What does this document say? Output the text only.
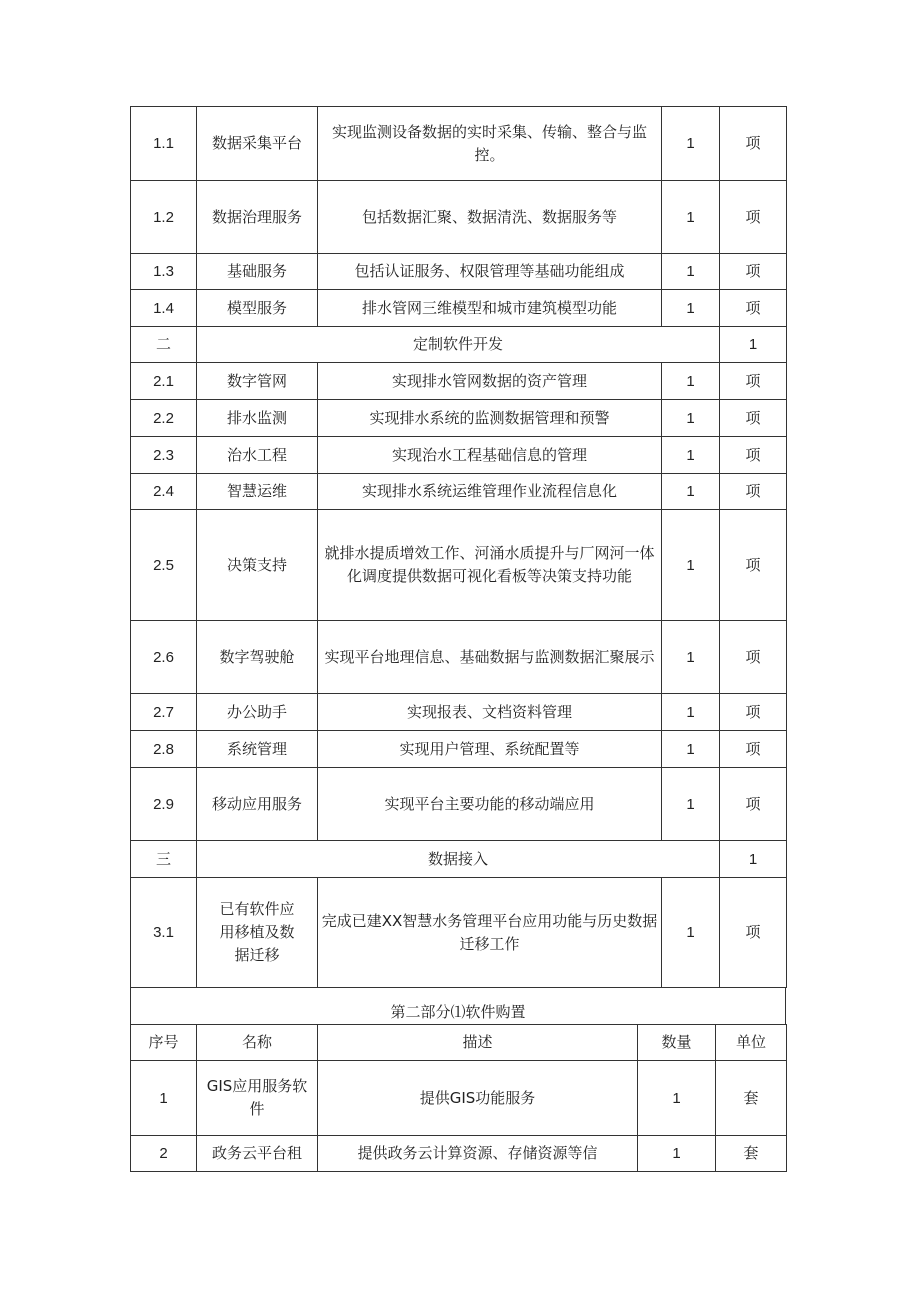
1.1	数据采集平台	实现监测设备数据的实时采集、传输、整合与监控。	1	项
1.2	数据治理服务	包括数据汇聚、数据清洗、数据服务等	1	项
1.3	基础服务	包括认证服务、权限管理等基础功能组成	1	项
1.4	模型服务	排水管网三维模型和城市建筑模型功能	1	项
二	定制软件开发			1
2.1	数字管网	实现排水管网数据的资产管理	1	项
2.2	排水监测	实现排水系统的监测数据管理和预警	1	项
2.3	治水工程	实现治水工程基础信息的管理	1	项
2.4	智慧运维	实现排水系统运维管理作业流程信息化	1	项
2.5	决策支持	就排水提质增效工作、河涌水质提升与厂网河一体化调度提供数据可视化看板等决策支持功能	1	项
2.6	数字驾驶舱	实现平台地理信息、基础数据与监测数据汇聚展示	1	项
2.7	办公助手	实现报表、文档资料管理	1	项
2.8	系统管理	实现用户管理、系统配置等	1	项
2.9	移动应用服务	实现平台主要功能的移动端应用	1	项
三	数据接入			1
3.1	已有软件应用移植及数据迁移	完成已建XX智慧水务管理平台应用功能与历史数据迁移工作	1	项
第二部分⑴软件购置
序号	名称	描述	数量	单位
1	GIS应用服务软件	提供GIS功能服务	1	套
2	政务云平台租	提供政务云计算资源、存储资源等信	1	套
